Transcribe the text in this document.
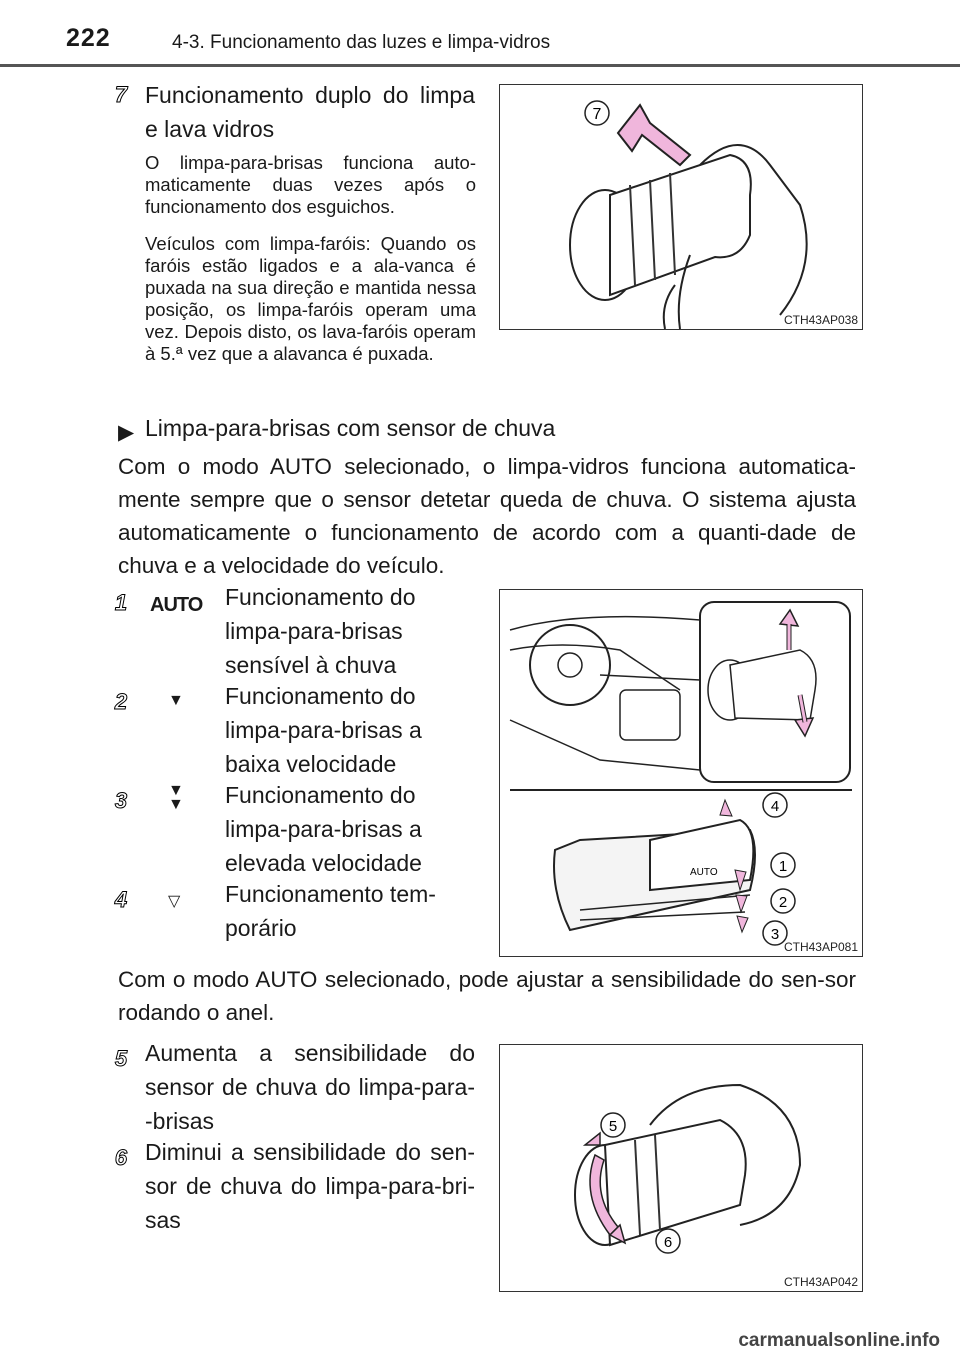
222	4-3. Funcionamento das luzes e limpa-vidros
7 Funcionamento duplo do limpa
e lava vidros
O limpa-para-brisas funciona auto-maticamente duas vezes após o funcionamento dos esguichos.
Veículos com limpa-faróis: Quando os faróis estão ligados e a ala-vanca é puxada na sua direção e mantida nessa posição, os limpa-faróis operam uma vez. Depois disto, os lava-faróis operam à 5.ª vez que a alavanca é puxada.
7
CTH43AP038
▶ Limpa-para-brisas com sensor de chuva
Com o modo AUTO selecionado, o limpa-vidros funciona automatica-mente sempre que o sensor detetar queda de chuva. O sistema ajusta automaticamente o funcionamento de acordo com a quanti-dade de chuva e a velocidade do veículo.
1 AUTO Funcionamento do
limpa-para-brisas
sensível à chuva
2	▼ Funcionamento do
limpa-para-brisas a
baixa velocidade
3	▼▼ Funcionamento do
limpa-para-brisas a
elevada velocidade
4	▽ Funcionamento tem-
porário
AUTO
4
1
2
3
CTH43AP081
Com o modo AUTO selecionado, pode ajustar a sensibilidade do sen-sor rodando o anel.
5 Aumenta a sensibilidade do sensor de chuva do limpa-para--brisas
6 Diminui a sensibilidade do sen-sor de chuva do limpa-para-bri-sas
5
6
CTH43AP042
carmanualsonline.info
